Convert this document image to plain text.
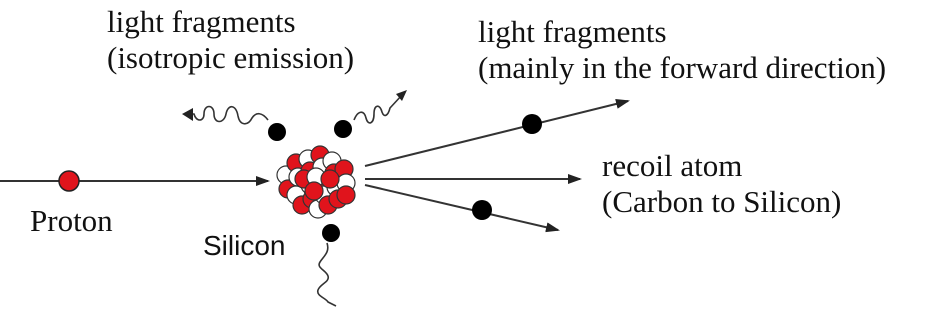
light fragments
(isotropic emission)
light fragments
(mainly in the forward direction)
recoil atom
(Carbon to Silicon)
Proton
Silicon
